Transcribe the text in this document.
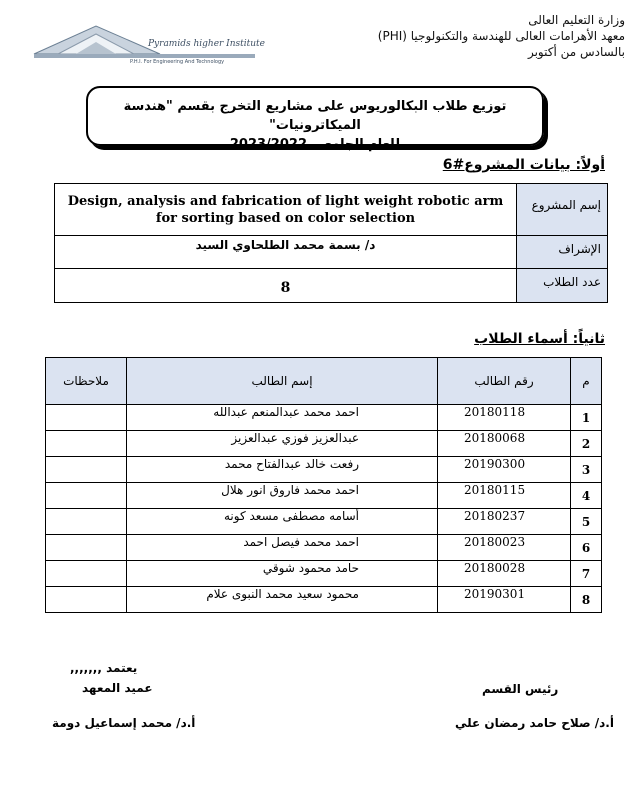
Pyramids higher Institute
P.H.I. For Engineering And Technology
وزارة التعليم العالى
معهد الأهرامات العالى للهندسة والتكنولوجيا (PHI)
بالسادس من أكتوبر
توزيع طلاب البكالوريوس على مشاريع التخرج بقسم "هندسة الميكاترونيات"
للعام الجامعى 2023/2022
أولاً: بيانات المشروع#6
Design, analysis and fabrication of light weight robotic arm for sorting based on color selection	إسم المشروع
د/ بسمة محمد الطلحاوي السيد	الإشراف
8	عدد الطلاب
ثانياً: أسماء الطلاب
ملاحظات	إسم الطالب	رقم الطالب	م
	احمد محمد عبدالمنعم عبدالله	20180118	1
	عبدالعزيز فوزي عبدالعزيز	20180068	2
	رفعت خالد عبدالفتاح محمد	20190300	3
	احمد محمد فاروق انور هلال	20180115	4
	أسامه مصطفى مسعد كونه	20180237	5
	احمد محمد فيصل احمد	20180023	6
	حامد محمود شوقي	20180028	7
	محمود سعيد محمد النبوى علام	20190301	8
يعتمد ,,,,,,,
عميد المعهد
أ.د/ محمد إسماعيل دومة
رئيس القسم
أ.د/ صلاح حامد رمضان علي
